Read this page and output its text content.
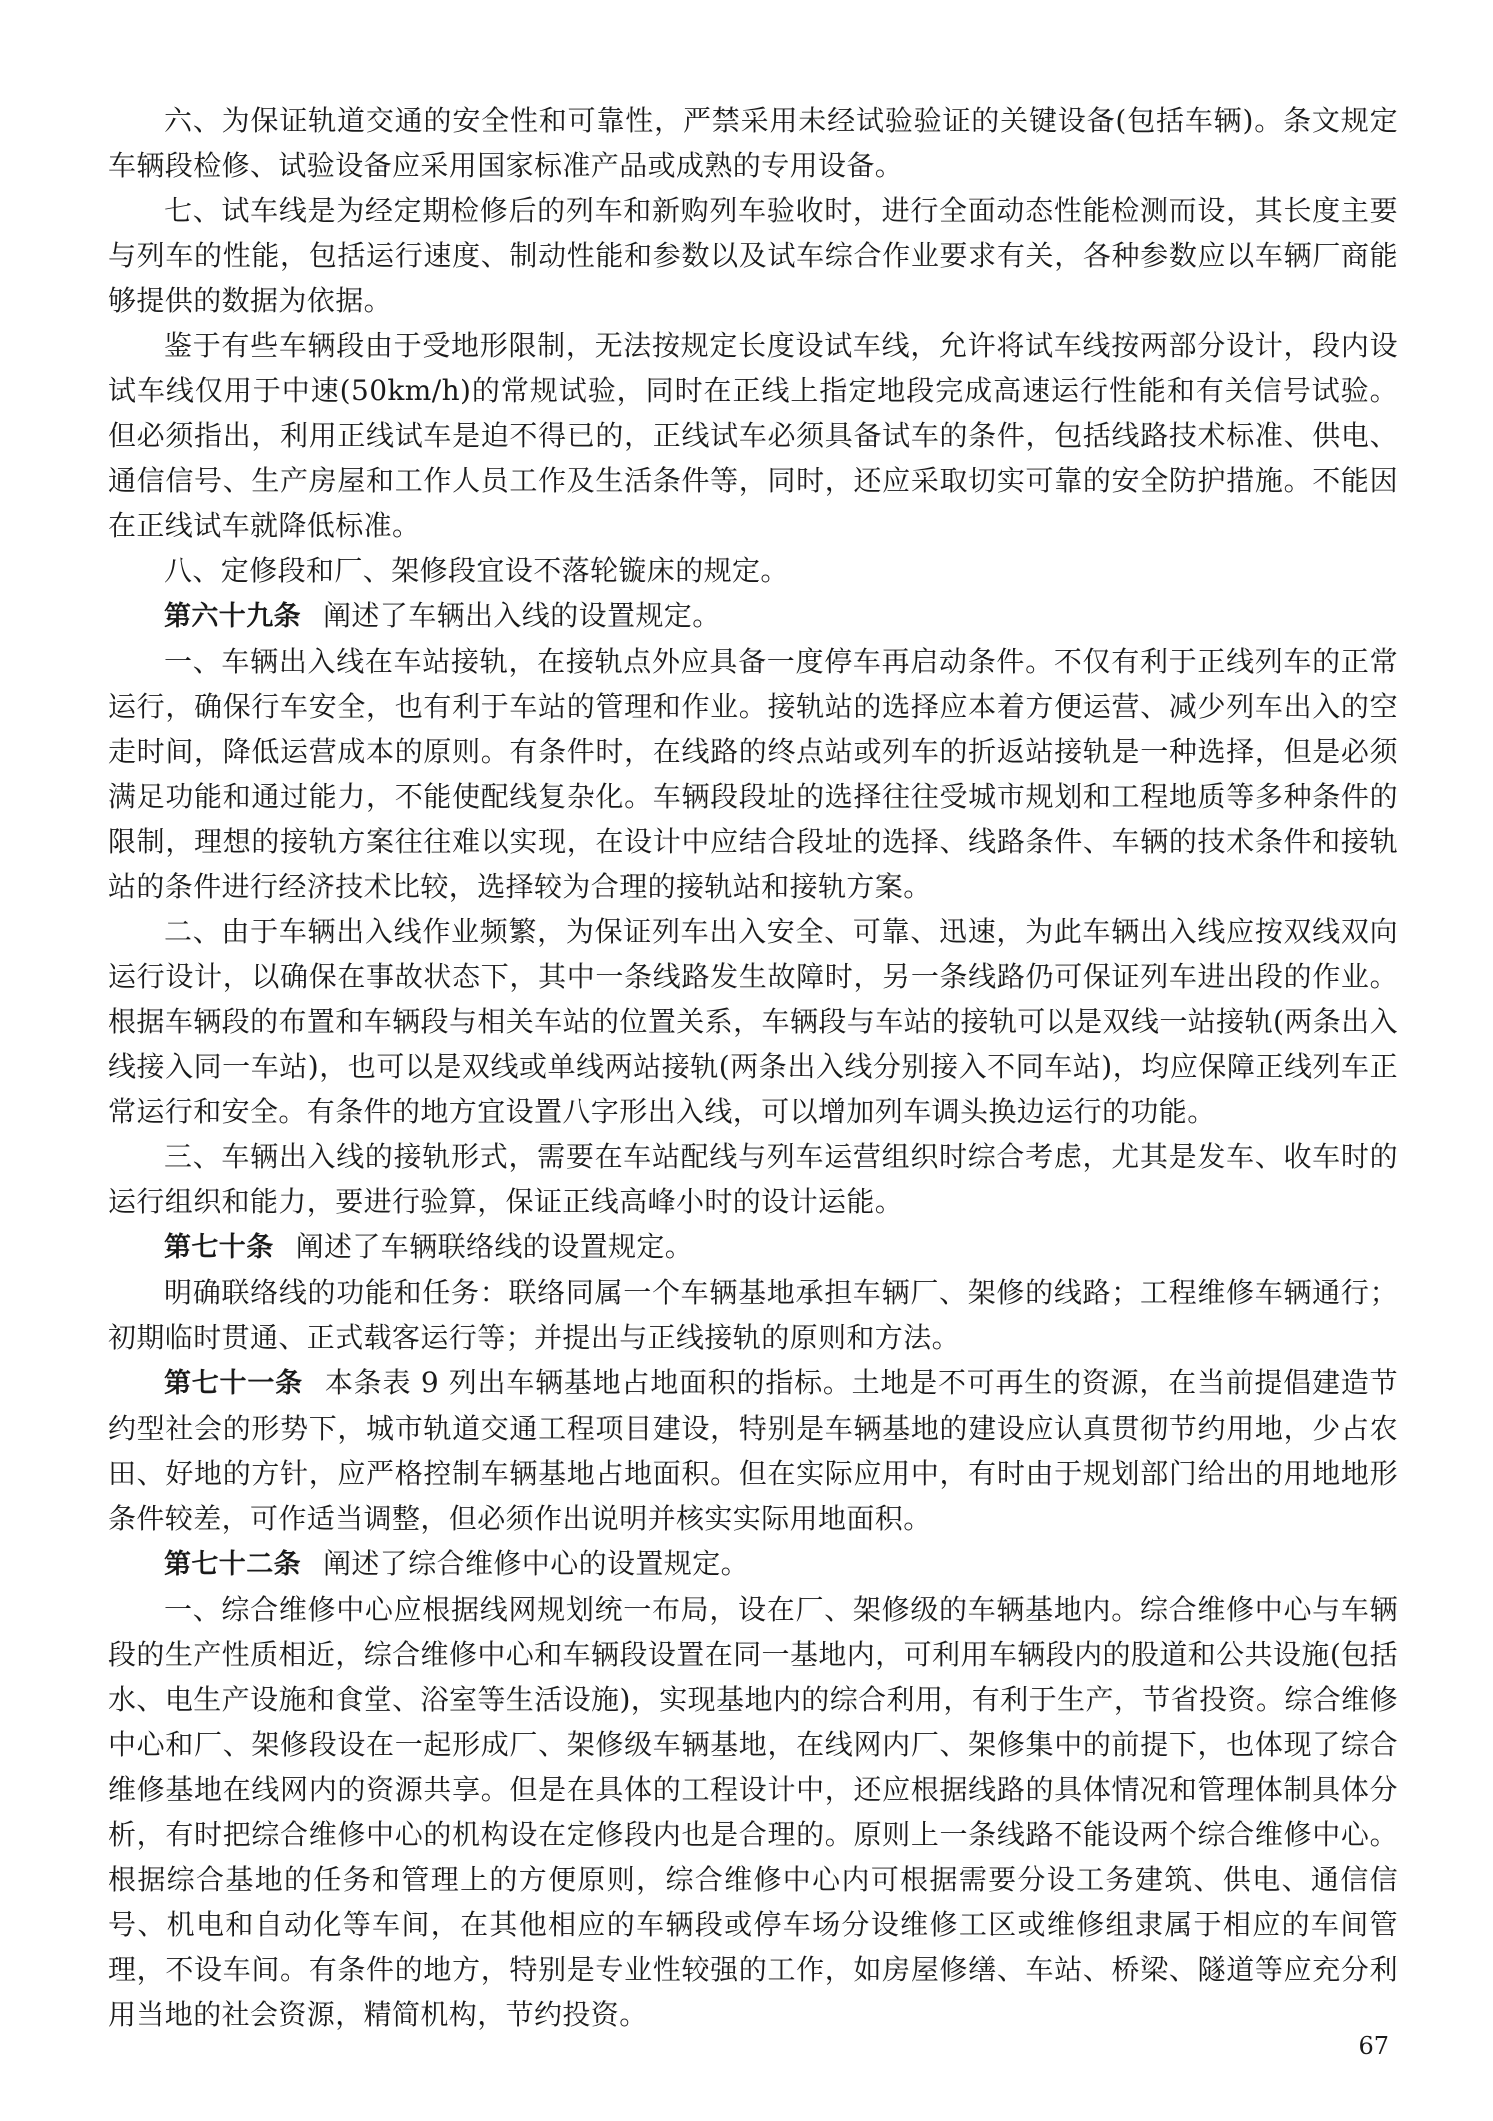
六、为保证轨道交通的安全性和可靠性，严禁采用未经试验验证的关键设备(包括车辆)。条文规定车辆段检修、试验设备应采用国家标准产品或成熟的专用设备。

七、试车线是为经定期检修后的列车和新购列车验收时，进行全面动态性能检测而设，其长度主要与列车的性能，包括运行速度、制动性能和参数以及试车综合作业要求有关，各种参数应以车辆厂商能够提供的数据为依据。

鉴于有些车辆段由于受地形限制，无法按规定长度设试车线，允许将试车线按两部分设计，段内设试车线仅用于中速(50km/h)的常规试验，同时在正线上指定地段完成高速运行性能和有关信号试验。但必须指出，利用正线试车是迫不得已的，正线试车必须具备试车的条件，包括线路技术标准、供电、通信信号、生产房屋和工作人员工作及生活条件等，同时，还应采取切实可靠的安全防护措施。不能因在正线试车就降低标准。

八、定修段和厂、架修段宜设不落轮镟床的规定。

第六十九条 阐述了车辆出入线的设置规定。

一、车辆出入线在车站接轨，在接轨点外应具备一度停车再启动条件。不仅有利于正线列车的正常运行，确保行车安全，也有利于车站的管理和作业。接轨站的选择应本着方便运营、减少列车出入的空走时间，降低运营成本的原则。有条件时，在线路的终点站或列车的折返站接轨是一种选择，但是必须满足功能和通过能力，不能使配线复杂化。车辆段段址的选择往往受城市规划和工程地质等多种条件的限制，理想的接轨方案往往难以实现，在设计中应结合段址的选择、线路条件、车辆的技术条件和接轨站的条件进行经济技术比较，选择较为合理的接轨站和接轨方案。

二、由于车辆出入线作业频繁，为保证列车出入安全、可靠、迅速，为此车辆出入线应按双线双向运行设计，以确保在事故状态下，其中一条线路发生故障时，另一条线路仍可保证列车进出段的作业。根据车辆段的布置和车辆段与相关车站的位置关系，车辆段与车站的接轨可以是双线一站接轨(两条出入线接入同一车站)，也可以是双线或单线两站接轨(两条出入线分别接入不同车站)，均应保障正线列车正常运行和安全。有条件的地方宜设置八字形出入线，可以增加列车调头换边运行的功能。

三、车辆出入线的接轨形式，需要在车站配线与列车运营组织时综合考虑，尤其是发车、收车时的运行组织和能力，要进行验算，保证正线高峰小时的设计运能。

第七十条 阐述了车辆联络线的设置规定。

明确联络线的功能和任务：联络同属一个车辆基地承担车辆厂、架修的线路；工程维修车辆通行；初期临时贯通、正式载客运行等；并提出与正线接轨的原则和方法。

第七十一条 本条表 9 列出车辆基地占地面积的指标。土地是不可再生的资源，在当前提倡建造节约型社会的形势下，城市轨道交通工程项目建设，特别是车辆基地的建设应认真贯彻节约用地，少占农田、好地的方针，应严格控制车辆基地占地面积。但在实际应用中，有时由于规划部门给出的用地地形条件较差，可作适当调整，但必须作出说明并核实实际用地面积。

第七十二条 阐述了综合维修中心的设置规定。

一、综合维修中心应根据线网规划统一布局，设在厂、架修级的车辆基地内。综合维修中心与车辆段的生产性质相近，综合维修中心和车辆段设置在同一基地内，可利用车辆段内的股道和公共设施(包括水、电生产设施和食堂、浴室等生活设施)，实现基地内的综合利用，有利于生产，节省投资。综合维修中心和厂、架修段设在一起形成厂、架修级车辆基地，在线网内厂、架修集中的前提下，也体现了综合维修基地在线网内的资源共享。但是在具体的工程设计中，还应根据线路的具体情况和管理体制具体分析，有时把综合维修中心的机构设在定修段内也是合理的。原则上一条线路不能设两个综合维修中心。根据综合基地的任务和管理上的方便原则，综合维修中心内可根据需要分设工务建筑、供电、通信信号、机电和自动化等车间，在其他相应的车辆段或停车场分设维修工区或维修组隶属于相应的车间管理，不设车间。有条件的地方，特别是专业性较强的工作，如房屋修缮、车站、桥梁、隧道等应充分利用当地的社会资源，精简机构，节约投资。

67
